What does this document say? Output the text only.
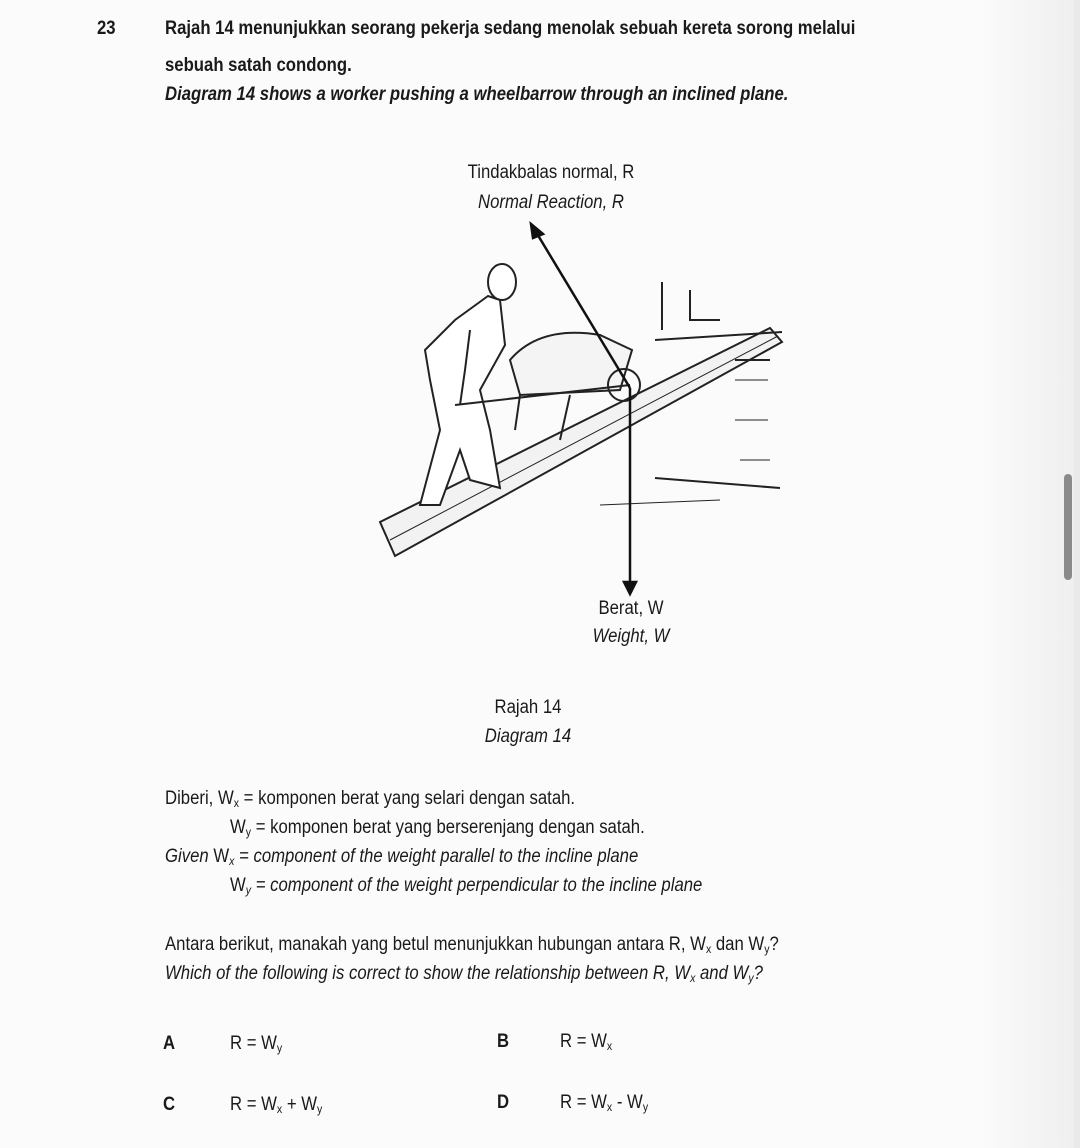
23	Rajah 14 menunjukkan seorang pekerja sedang menolak sebuah kereta sorong melalui
sebuah satah condong.
Diagram 14 shows a worker pushing a wheelbarrow through an inclined plane.
Tindakbalas normal, R
Normal Reaction, R
Berat, W
Weight, W
Rajah 14
Diagram 14
Diberi, $W_x$ = komponen berat yang selari dengan satah.
$W_y$ = komponen berat yang berserenjang dengan satah.
Given $W_x$ = component of the weight parallel to the incline plane
$W_y$ = component of the weight perpendicular to the incline plane
Antara berikut, manakah yang betul menunjukkan hubungan antara R, $W_x$ dan $W_y$?
Which of the following is correct to show the relationship between R, $W_x$ and $W_y$?
A	$R = W_y$	B	$R = W_x$
C	$R = W_x + W_y$	D	$R = W_x - W_y$
